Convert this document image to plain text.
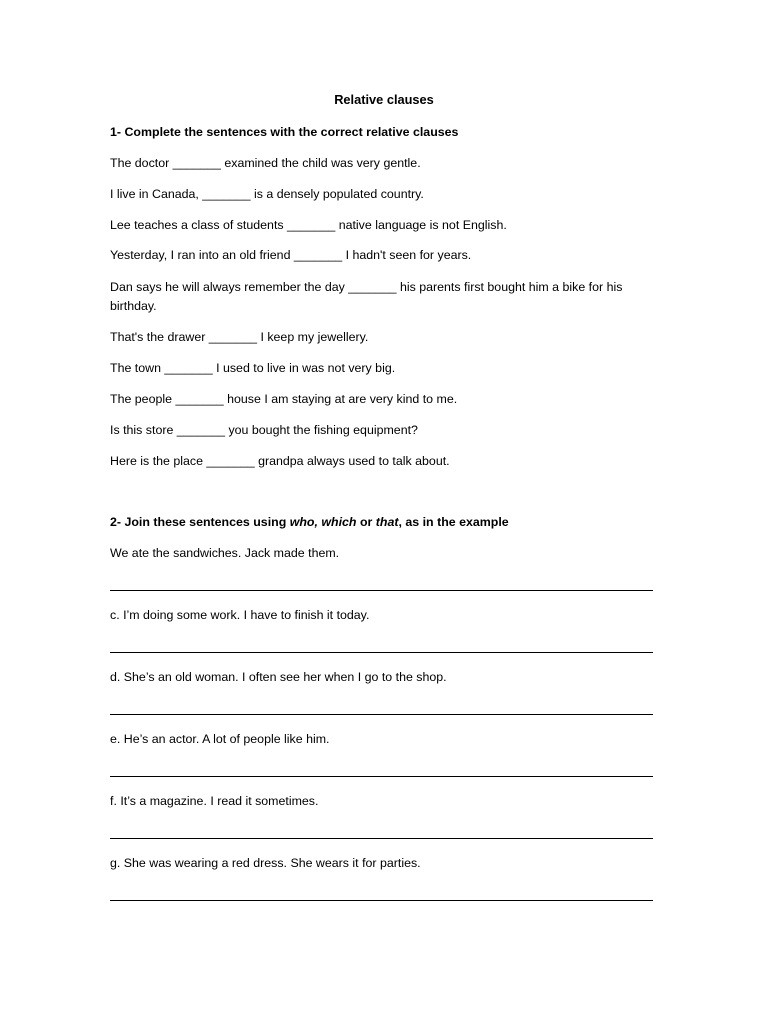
Relative clauses

1- Complete the sentences with the correct relative clauses

The doctor _______ examined the child was very gentle.

I live in Canada, _______ is a densely populated country.

Lee teaches a class of students _______ native language is not English.

Yesterday, I ran into an old friend _______ I hadn't seen for years.

Dan says he will always remember the day _______ his parents first bought him a bike for his

birthday.

That's the drawer _______ I keep my jewellery.

The town _______ I used to live in was not very big.

The people _______ house I am staying at are very kind to me.

Is this store _______ you bought the fishing equipment?

Here is the place _______ grandpa always used to talk about.

2- Join these sentences using who, which or that, as in the example

We ate the sandwiches. Jack made them.

c. I’m doing some work. I have to finish it today.

d. She’s an old woman. I often see her when I go to the shop.

e. He’s an actor. A lot of people like him.

f. It’s a magazine. I read it sometimes.

g. She was wearing a red dress. She wears it for parties.
